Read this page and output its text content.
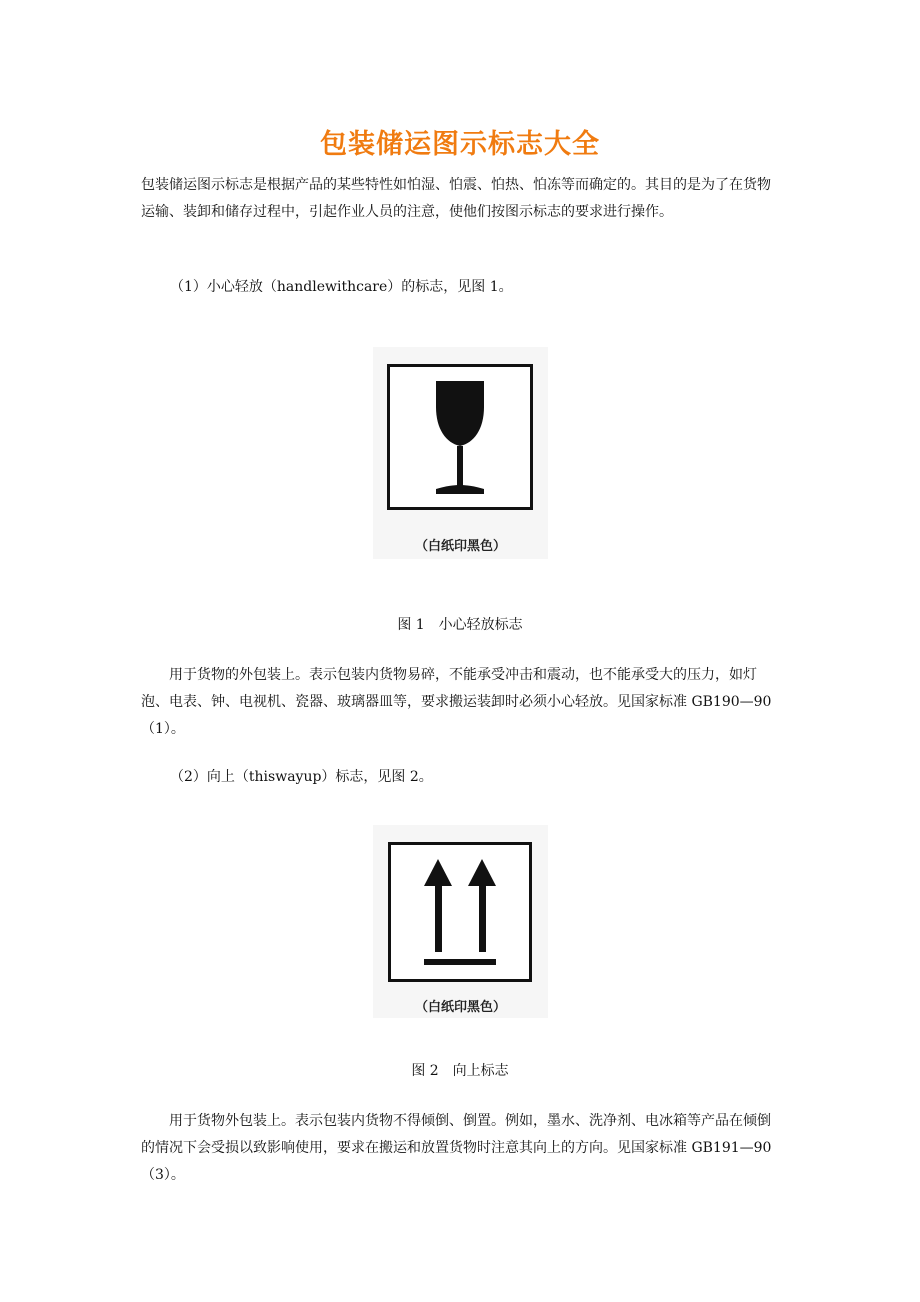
包装储运图示标志大全

包装储运图示标志是根据产品的某些特性如怕湿、怕震、怕热、怕冻等而确定的。其目的是为了在货物运输、装卸和储存过程中，引起作业人员的注意，使他们按图示标志的要求进行操作。

（1）小心轻放（handlewithcare）的标志，见图 1。

（白纸印黑色）
图 1 小心轻放标志

用于货物的外包装上。表示包装内货物易碎，不能承受冲击和震动，也不能承受大的压力，如灯泡、电表、钟、电视机、瓷器、玻璃器皿等，要求搬运装卸时必须小心轻放。见国家标准 GB190—90（1）。

（2）向上（thiswayup）标志，见图 2。

（白纸印黑色）
图 2 向上标志

用于货物外包装上。表示包装内货物不得倾倒、倒置。例如，墨水、洗净剂、电冰箱等产品在倾倒的情况下会受损以致影响使用，要求在搬运和放置货物时注意其向上的方向。见国家标准 GB191—90（3）。
